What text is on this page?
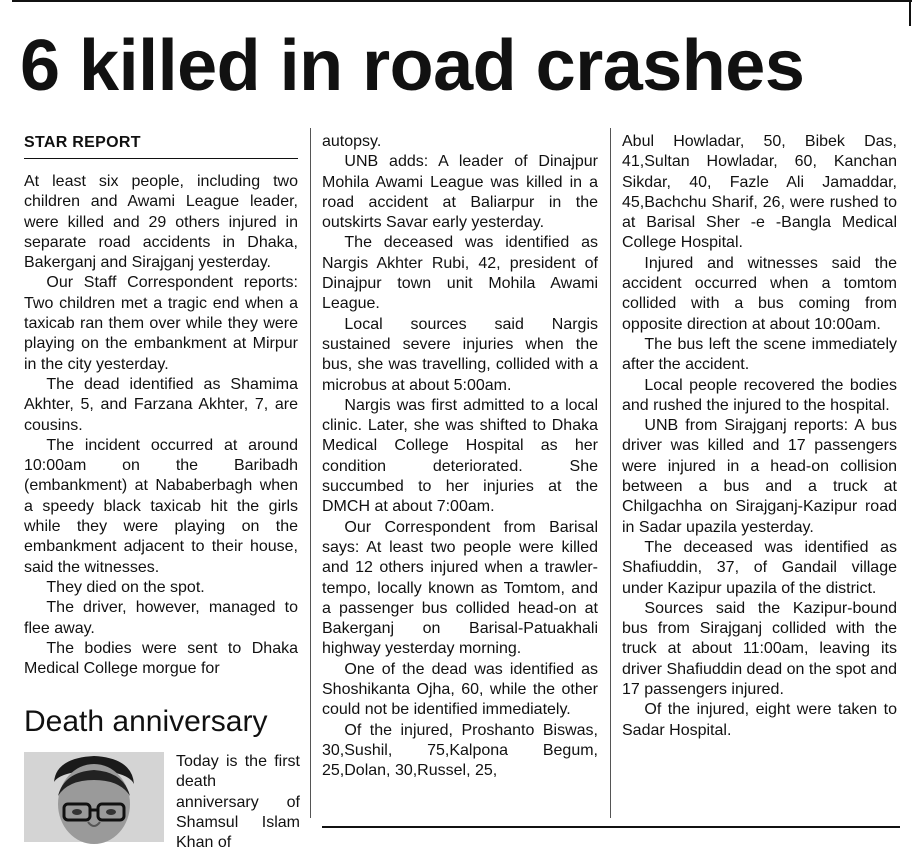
6 killed in road crashes
STAR REPORT

At least six people, including two children and Awami League leader, were killed and 29 others injured in separate road accidents in Dhaka, Bakerganj and Sirajganj yesterday.

Our Staff Correspondent reports: Two children met a tragic end when a taxicab ran them over while they were playing on the embankment at Mirpur in the city yesterday.

The dead identified as Shamima Akhter, 5, and Farzana Akhter, 7, are cousins.

The incident occurred at around 10:00am on the Baribadh (embankment) at Nababerbagh when a speedy black taxicab hit the girls while they were playing on the embankment adjacent to their house, said the witnesses.

They died on the spot.

The driver, however, managed to flee away.

The bodies were sent to Dhaka Medical College morgue for

autopsy.

UNB adds: A leader of Dinajpur Mohila Awami League was killed in a road accident at Baliarpur in the outskirts Savar early yesterday.

The deceased was identified as Nargis Akhter Rubi, 42, president of Dinajpur town unit Mohila Awami League.

Local sources said Nargis sustained severe injuries when the bus, she was travelling, collided with a microbus at about 5:00am.

Nargis was first admitted to a local clinic. Later, she was shifted to Dhaka Medical College Hospital as her condition deteriorated. She succumbed to her injuries at the DMCH at about 7:00am.

Our Correspondent from Barisal says: At least two people were killed and 12 others injured when a trawler-tempo, locally known as Tomtom, and a passenger bus collided head-on at Bakerganj on Barisal-Patuakhali highway yesterday morning.

One of the dead was identified as Shoshikanta Ojha, 60, while the other could not be identified immediately.

Of the injured, Proshanto Biswas, 30,Sushil, 75,Kalpona Begum, 25,Dolan, 30,Russel, 25,

Abul Howladar, 50, Bibek Das, 41,Sultan Howladar, 60, Kanchan Sikdar, 40, Fazle Ali Jamaddar, 45,Bachchu Sharif, 26, were rushed to at Barisal Sher -e -Bangla Medical College Hospital.

Injured and witnesses said the accident occurred when a tomtom collided with a bus coming from opposite direction at about 10:00am.

The bus left the scene immediately after the accident.

Local people recovered the bodies and rushed the injured to the hospital.

UNB from Sirajganj reports: A bus driver was killed and 17 passengers were injured in a head-on collision between a bus and a truck at Chilgachha on Sirajganj-Kazipur road in Sadar upazila yesterday.

The deceased was identified as Shafiuddin, 37, of Gandail village under Kazipur upazila of the district.

Sources said the Kazipur-bound bus from Sirajganj collided with the truck at about 11:00am, leaving its driver Shafiuddin dead on the spot and 17 passengers injured.

Of the injured, eight were taken to Sadar Hospital.

Death anniversary

Today is the first death anniversary of Shamsul Islam Khan of
